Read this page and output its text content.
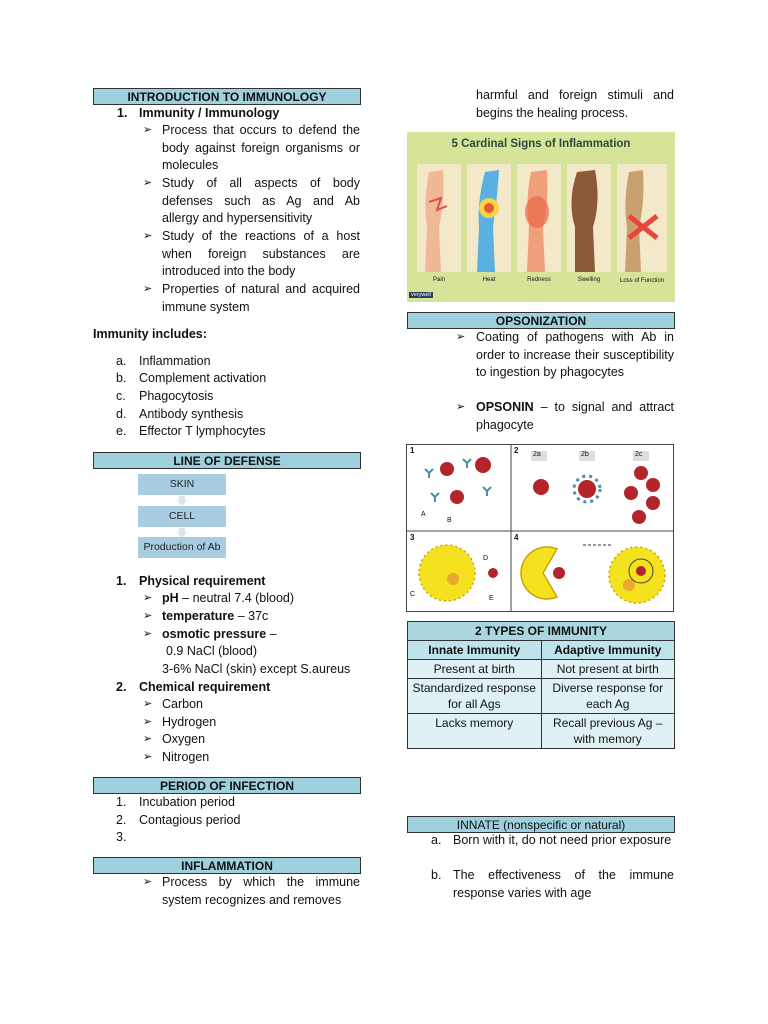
INTRODUCTION TO IMMUNOLOGY
1. Immunity / Immunology
➢ Process that occurs to defend the body against foreign organisms or molecules
➢ Study of all aspects of body defenses such as Ag and Ab allergy and hypersensitivity
➢ Study of the reactions of a host when foreign substances are introduced into the body
➢ Properties of natural and acquired immune system
Immunity includes:
a. Inflammation
b. Complement activation
c. Phagocytosis
d. Antibody synthesis
e. Effector T lymphocytes
LINE OF DEFENSE
SKIN
CELL
Production of Ab
1. Physical requirement
➢ pH – neutral 7.4 (blood)
➢ temperature – 37c
➢ osmotic pressure –
0.9 NaCl (blood)
3-6% NaCl (skin) except S.aureus
2. Chemical requirement
➢ Carbon
➢ Hydrogen
➢ Oxygen
➢ Nitrogen
PERIOD OF INFECTION
1. Incubation period
2. Contagious period
3.
INFLAMMATION
➢ Process by which the immune system recognizes and removes
harmful and foreign stimuli and begins the healing process.
5 Cardinal Signs of Inflammation
Pain	Heat	Redness	Swelling	Loss of Function
verywell
OPSONIZATION
➢ Coating of pathogens with Ab in order to increase their susceptibility to ingestion by phagocytes
➢ OPSONIN – to signal and attract phagocyte
1	2
3	4
2a	2b	2c
A
B
C
D
E
2 TYPES OF IMMUNITY	
Innate Immunity	Adaptive Immunity
Present at birth	Not present at birth
Standardized response for all Ags	Diverse response for each Ag
Lacks memory	Recall previous Ag – with memory
INNATE (nonspecific or natural)
a. Born with it, do not need prior exposure
b. The effectiveness of the immune response varies with age
